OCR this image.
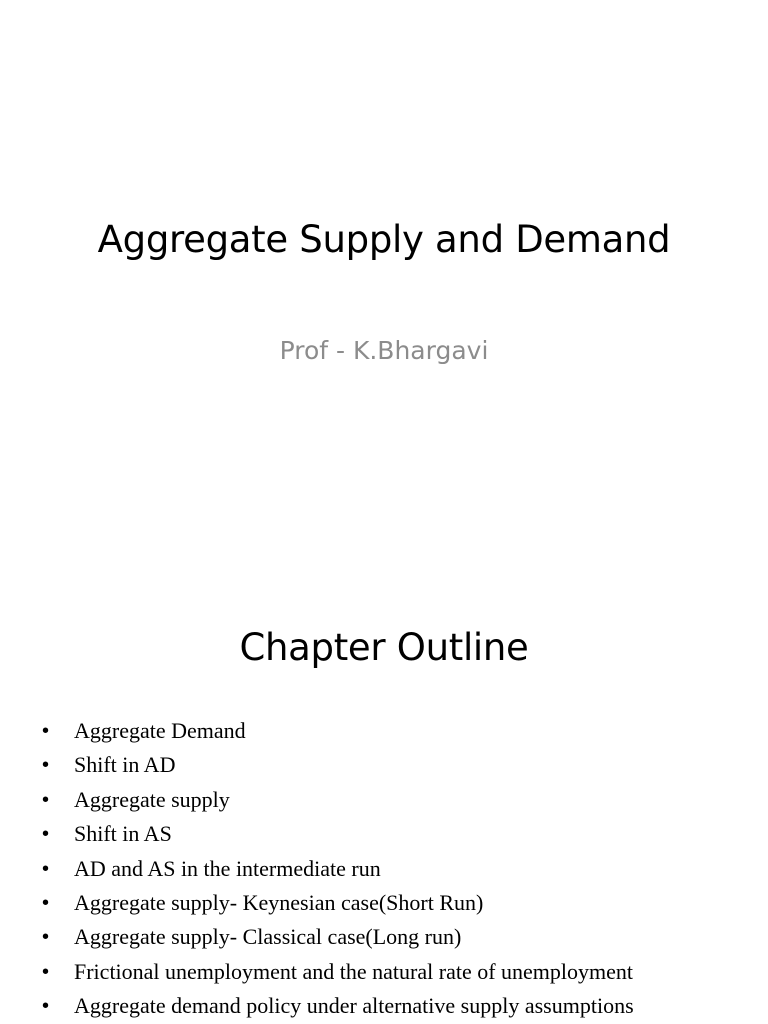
Aggregate Supply and Demand

Prof - K.Bhargavi

Chapter Outline
• Aggregate Demand
• Shift in AD
• Aggregate supply
• Shift in AS
• AD and AS in the intermediate run
• Aggregate supply- Keynesian case(Short Run)
• Aggregate supply- Classical case(Long run)
• Frictional unemployment and the natural rate of unemployment
• Aggregate demand policy under alternative supply assumptions
